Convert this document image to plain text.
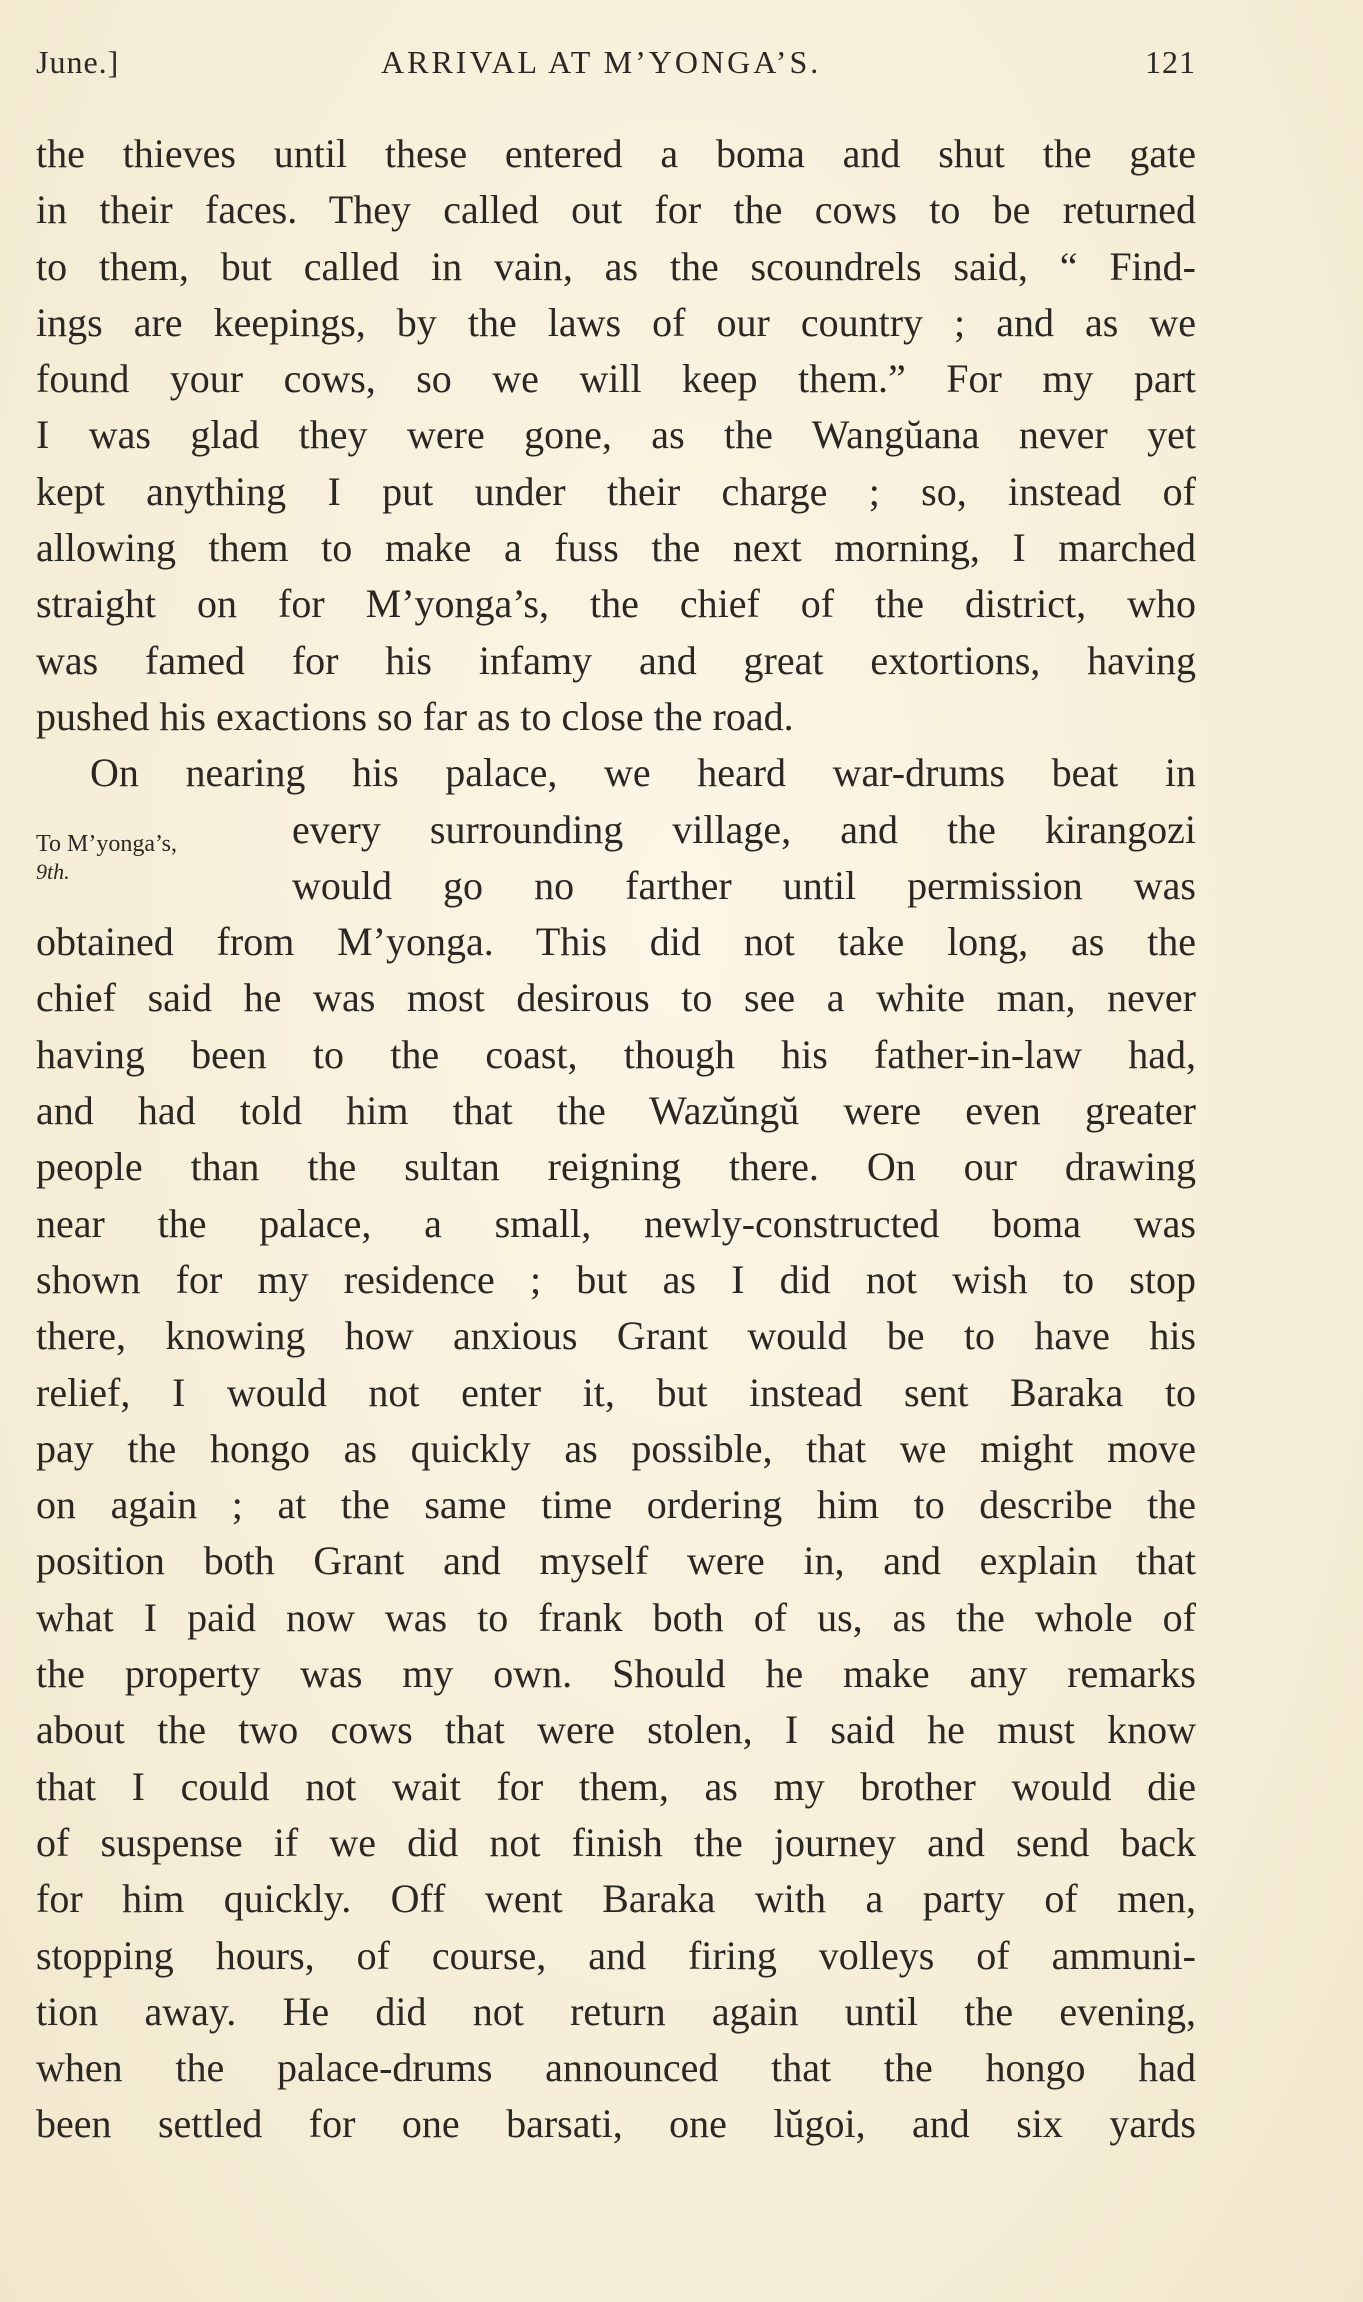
June.]	ARRIVAL AT M’YONGA’S.	121
To M’yonga’s,
9th.
the thieves until these entered a boma and shut the gate
in their faces. They called out for the cows to be returned
to them, but called in vain, as the scoundrels said, “ Find-
ings are keepings, by the laws of our country ; and as we
found your cows, so we will keep them.” For my part
I was glad they were gone, as the Wangŭana never yet
kept anything I put under their charge ; so, instead of
allowing them to make a fuss the next morning, I marched
straight on for M’yonga’s, the chief of the district, who
was famed for his infamy and great extortions, having
pushed his exactions so far as to close the road.
On nearing his palace, we heard war-drums beat in
every surrounding village, and the kirangozi
would go no farther until permission was
obtained from M’yonga. This did not take long, as the
chief said he was most desirous to see a white man, never
having been to the coast, though his father-in-law had,
and had told him that the Wazŭngŭ were even greater
people than the sultan reigning there. On our drawing
near the palace, a small, newly-constructed boma was
shown for my residence ; but as I did not wish to stop
there, knowing how anxious Grant would be to have his
relief, I would not enter it, but instead sent Baraka to
pay the hongo as quickly as possible, that we might move
on again ; at the same time ordering him to describe the
position both Grant and myself were in, and explain that
what I paid now was to frank both of us, as the whole of
the property was my own. Should he make any remarks
about the two cows that were stolen, I said he must know
that I could not wait for them, as my brother would die
of suspense if we did not finish the journey and send back
for him quickly. Off went Baraka with a party of men,
stopping hours, of course, and firing volleys of ammuni-
tion away. He did not return again until the evening,
when the palace-drums announced that the hongo had
been settled for one barsati, one lŭgoi, and six yards
